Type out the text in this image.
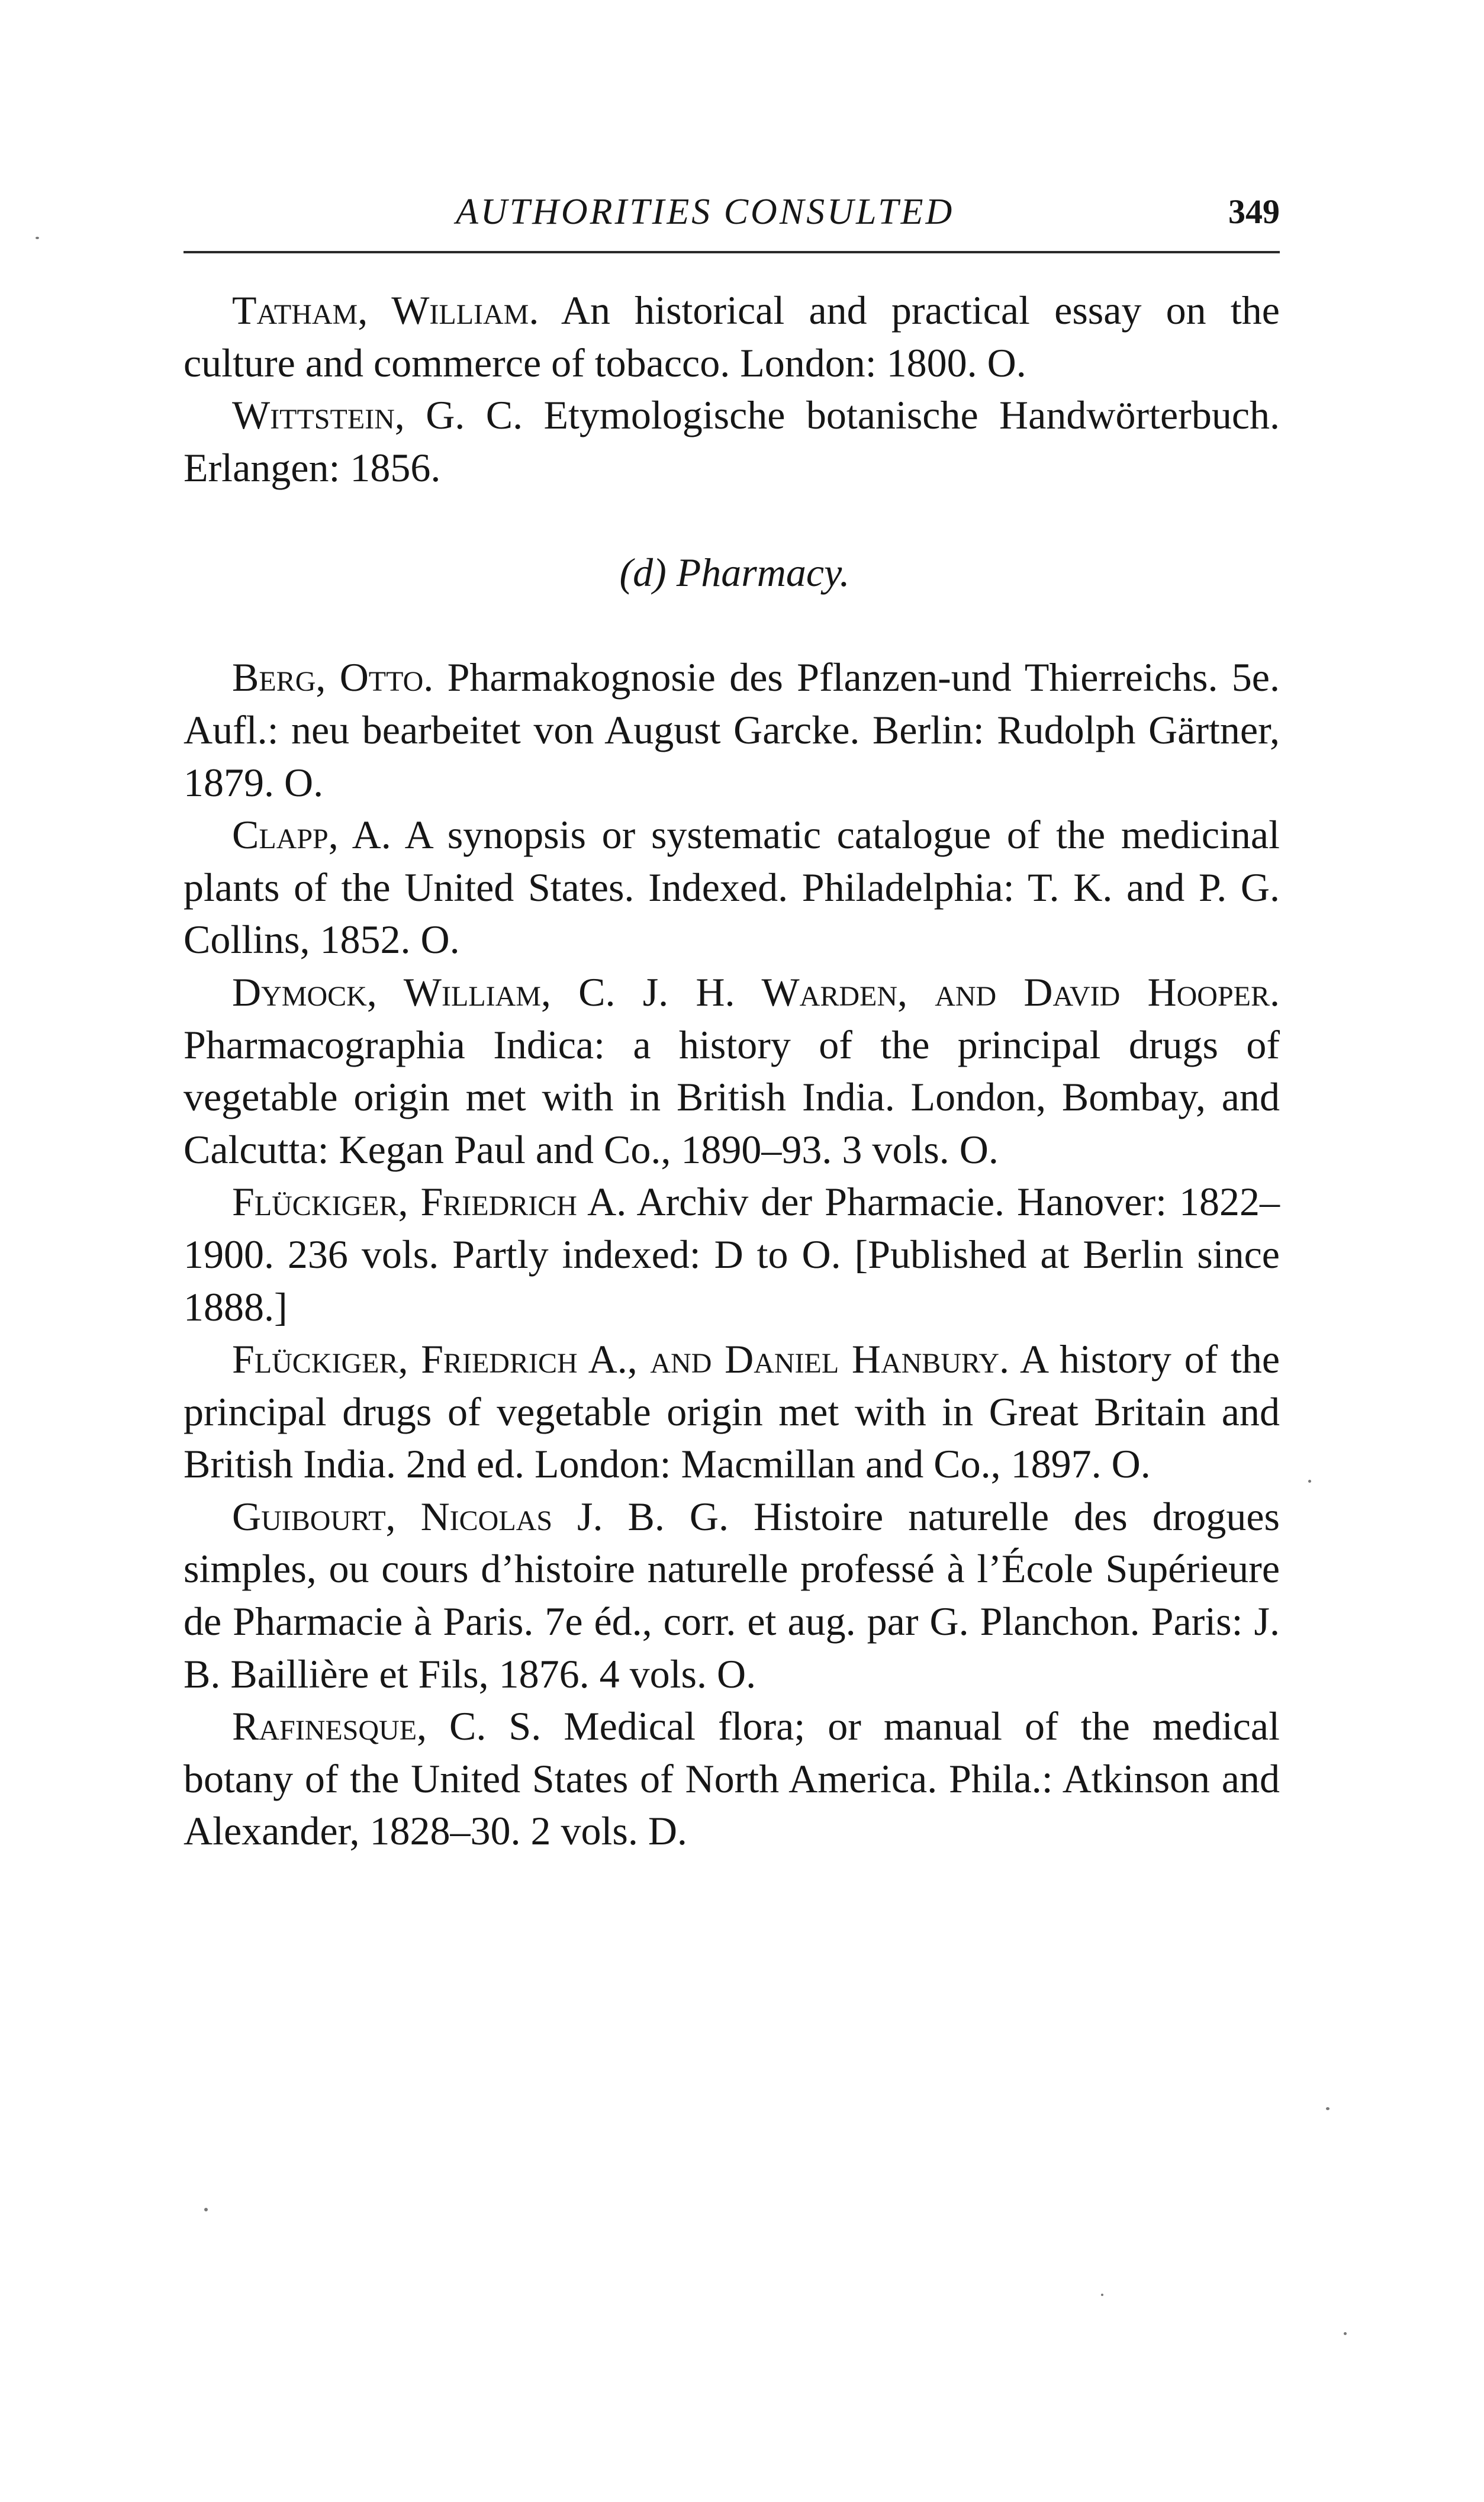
AUTHORITIES CONSULTED	349

Tatham, William. An historical and practical essay on the culture and commerce of tobacco. London: 1800. O.

Wittstein, G. C. Etymologische botanische Handwörterbuch. Erlangen: 1856.

(d) Pharmacy.

Berg, Otto. Pharmakognosie des Pflanzen-und Thierreichs. 5e. Aufl.: neu bearbeitet von August Garcke. Berlin: Rudolph Gärtner, 1879. O.

Clapp, A. A synopsis or systematic catalogue of the medicinal plants of the United States. Indexed. Philadelphia: T. K. and P. G. Collins, 1852. O.

Dymock, William, C. J. H. Warden, and David Hooper. Pharmacographia Indica: a history of the principal drugs of vegetable origin met with in British India. London, Bombay, and Calcutta: Kegan Paul and Co., 1890–93. 3 vols. O.

Flückiger, Friedrich A. Archiv der Pharmacie. Hanover: 1822–1900. 236 vols. Partly indexed: D to O. [Published at Berlin since 1888.]

Flückiger, Friedrich A., and Daniel Hanbury. A history of the principal drugs of vegetable origin met with in Great Britain and British India. 2nd ed. London: Macmillan and Co., 1897. O.

Guibourt, Nicolas J. B. G. Histoire naturelle des drogues simples, ou cours d’histoire naturelle professé à l’École Supérieure de Pharmacie à Paris. 7e éd., corr. et aug. par G. Planchon. Paris: J. B. Baillière et Fils, 1876. 4 vols. O.

Rafinesque, C. S. Medical flora; or manual of the medical botany of the United States of North America. Phila.: Atkinson and Alexander, 1828–30. 2 vols. D.
